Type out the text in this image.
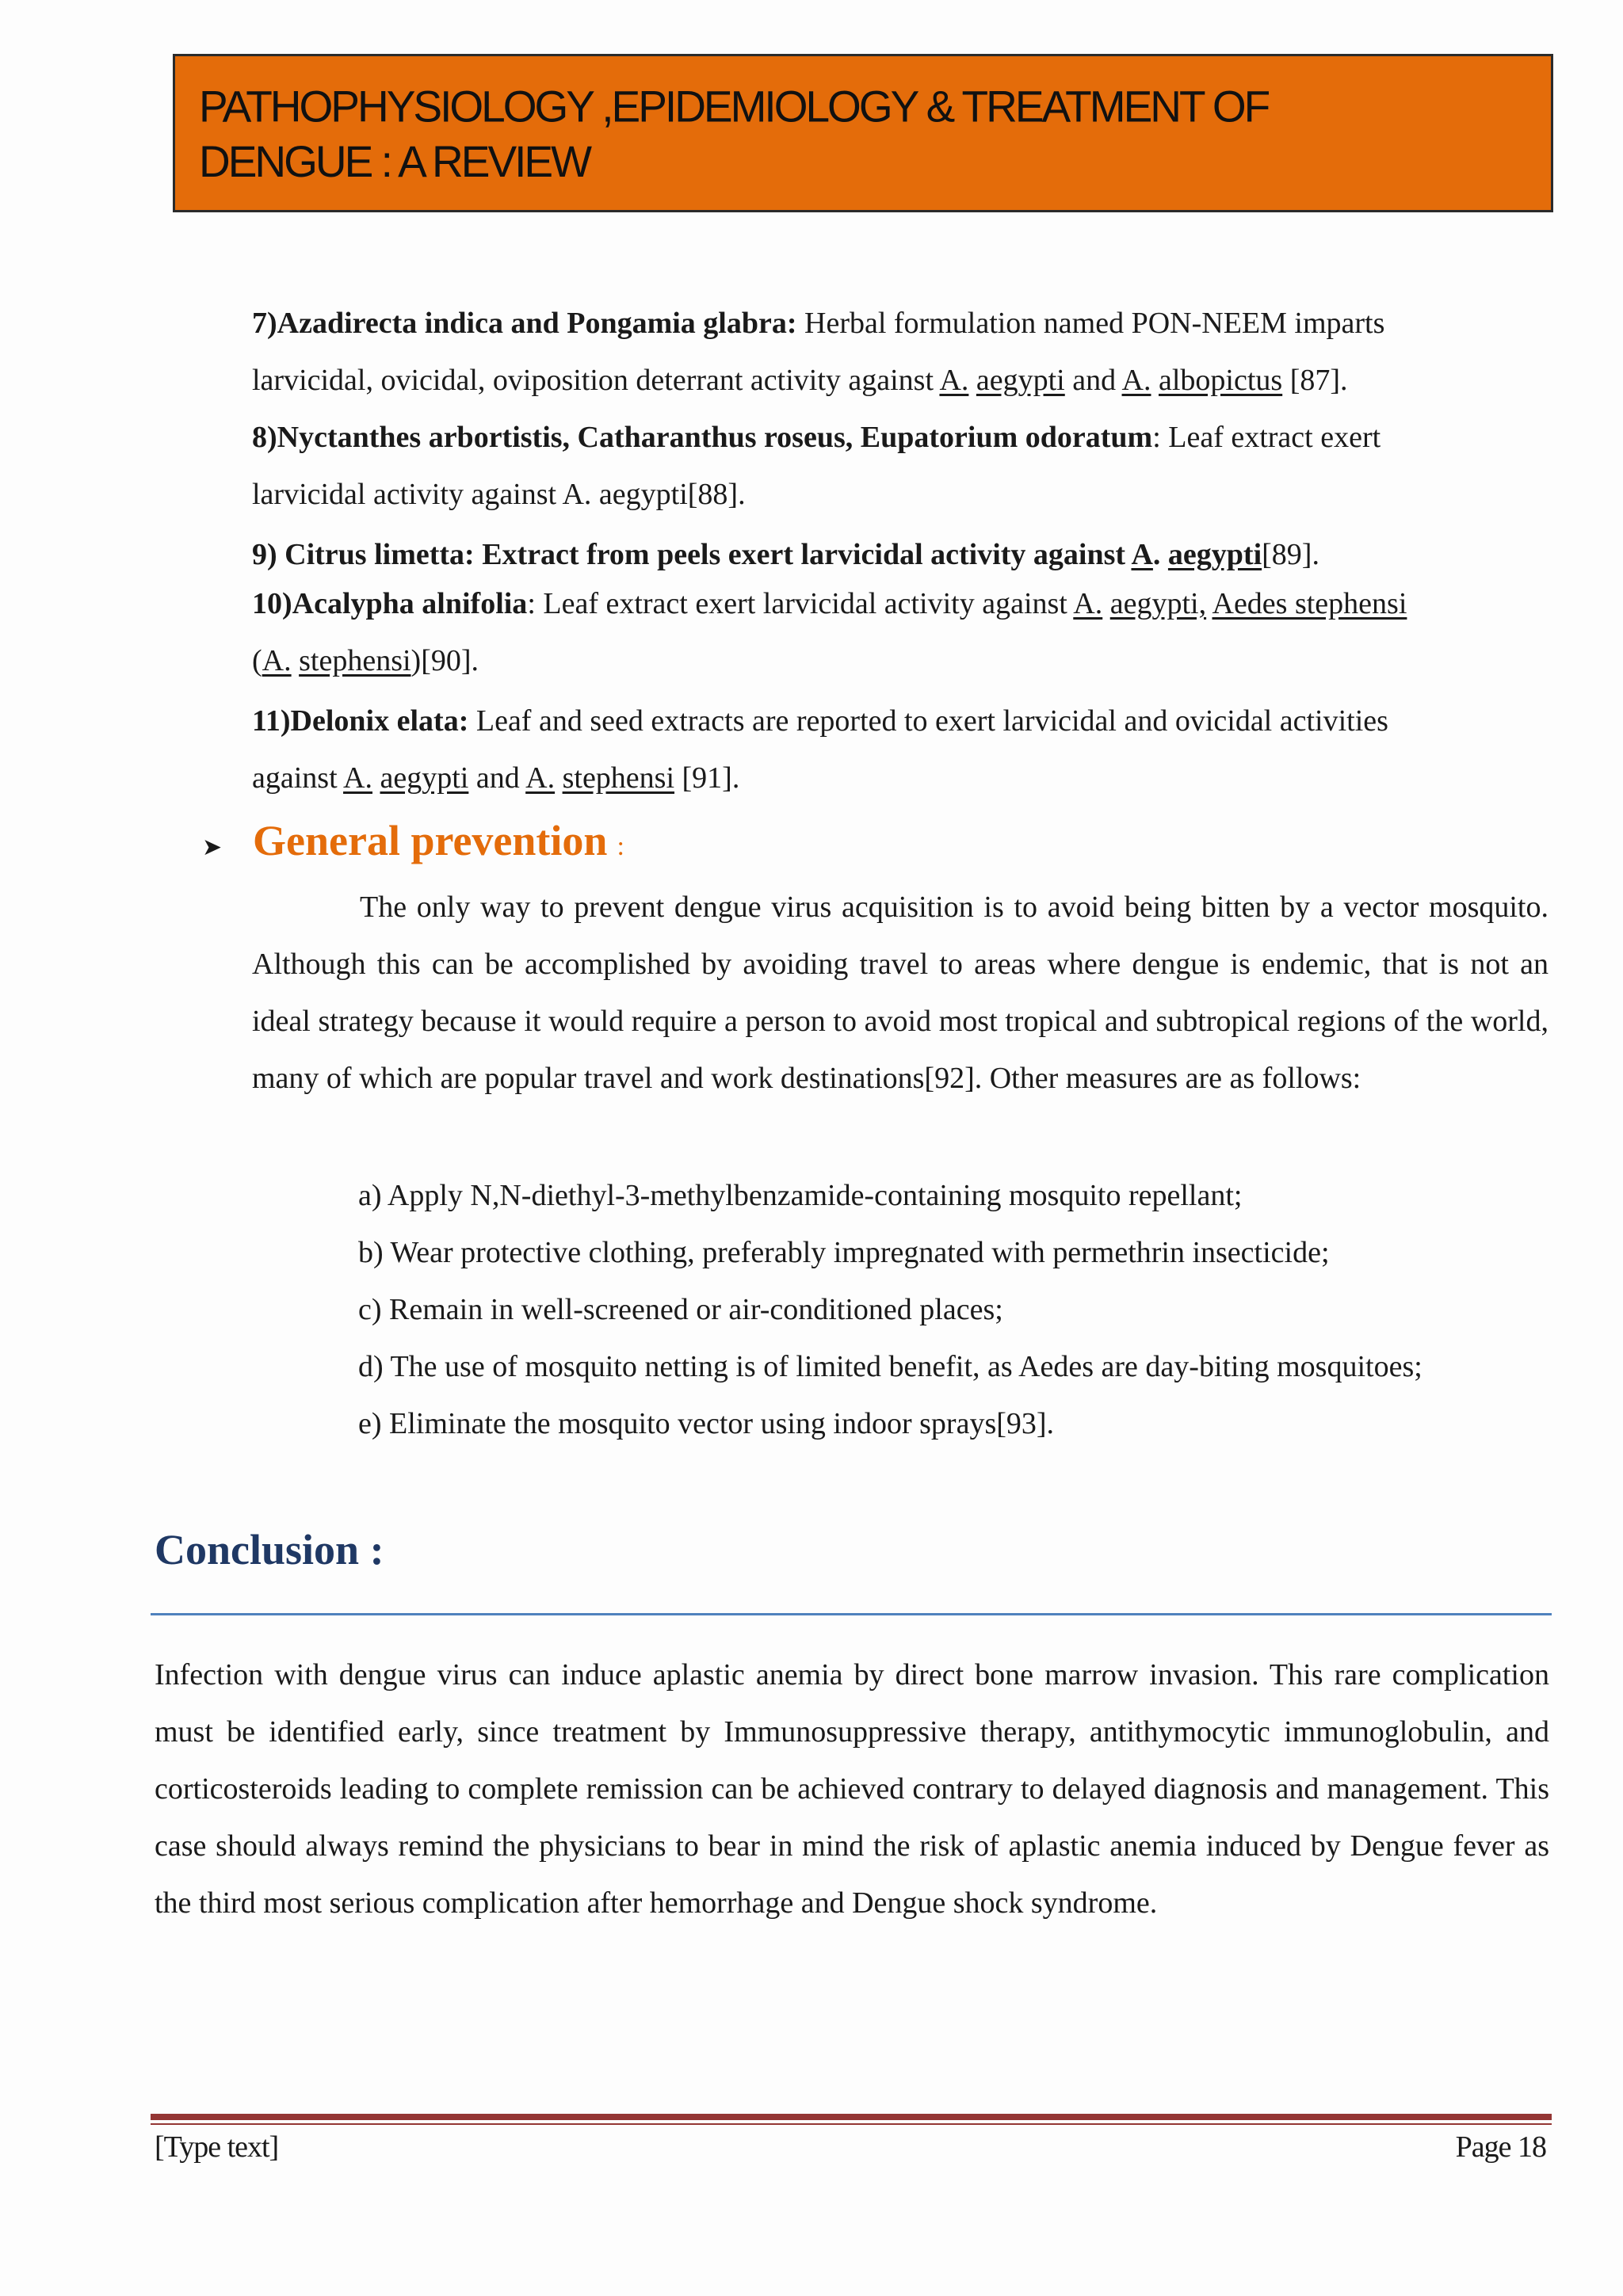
PATHOPHYSIOLOGY ,EPIDEMIOLOGY & TREATMENT OF
DENGUE : A REVIEW
7)Azadirecta indica and Pongamia glabra: Herbal formulation named PON-NEEM imparts
larvicidal, ovicidal, oviposition deterrant activity against A. aegypti and A. albopictus [87].
8)Nyctanthes arbortistis, Catharanthus roseus, Eupatorium odoratum: Leaf extract exert
larvicidal activity against A. aegypti[88].
9) Citrus limetta: Extract from peels exert larvicidal activity against A. aegypti[89].
10)Acalypha alnifolia: Leaf extract exert larvicidal activity against A. aegypti, Aedes stephensi
(A. stephensi)[90].
11)Delonix elata: Leaf and seed extracts are reported to exert larvicidal and ovicidal activities
against A. aegypti and A. stephensi [91].
➤ General prevention :
The only way to prevent dengue virus acquisition is to avoid being bitten by a vector mosquito. Although this can be accomplished by avoiding travel to areas where dengue is endemic, that is not an ideal strategy because it would require a person to avoid most tropical and subtropical regions of the world, many of which are popular travel and work destinations[92]. Other measures are as follows:
a) Apply N,N-diethyl-3-methylbenzamide-containing mosquito repellant;
b) Wear protective clothing, preferably impregnated with permethrin insecticide;
c) Remain in well-screened or air-conditioned places;
d) The use of mosquito netting is of limited benefit, as Aedes are day-biting mosquitoes;
e) Eliminate the mosquito vector using indoor sprays[93].
Conclusion :
Infection with dengue virus can induce aplastic anemia by direct bone marrow invasion. This rare complication must be identified early, since treatment by Immunosuppressive therapy, antithymocytic immunoglobulin, and corticosteroids leading to complete remission can be achieved contrary to delayed diagnosis and management. This case should always remind the physicians to bear in mind the risk of aplastic anemia induced by Dengue fever as the third most serious complication after hemorrhage and Dengue shock syndrome.
[Type text]	Page 18
